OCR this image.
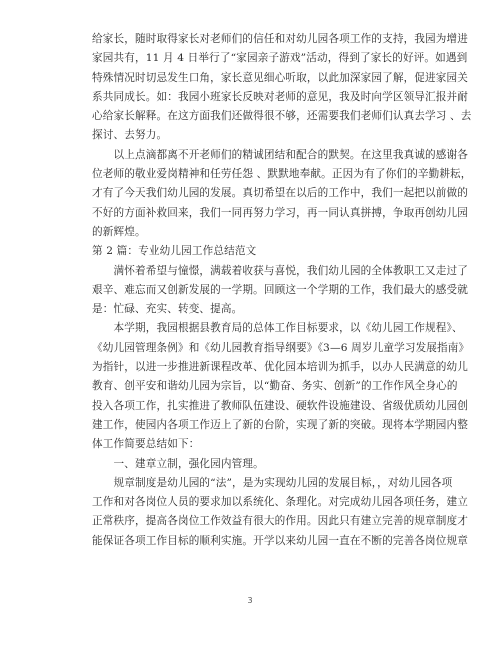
给家长，随时取得家长对老师们的信任和对幼儿园各项工作的支持，我园为增进
家园共有，11 月 4 日举行了“家园亲子游戏”活动，得到了家长的好评。如遇到
特殊情况时切忌发生口角，家长意见细心听取，以此加深家园了解，促进家园关
系共同成长。如：我园小班家长反映对老师的意见，我及时向学区领导汇报并耐
心给家长解释。在这方面我们还做得很不够，还需要我们老师们认真去学习 、去
探讨、去努力。
　　以上点滴都离不开老师们的精诚团结和配合的默契。在这里我真诚的感谢各
位老师的敬业爱岗精神和任劳任怨 、默默地奉献。正因为有了你们的辛勤耕耘，
才有了今天我们幼儿园的发展。真切希望在以后的工作中，我们一起把以前做的
不好的方面补救回来，我们一同再努力学习，再一同认真拼搏，争取再创幼儿园
的新辉煌。
第 2 篇：专业幼儿园工作总结范文
　　满怀着希望与憧憬，满载着收获与喜悦，我们幼儿园的全体教职工又走过了
艰辛、难忘而又创新发展的一学期。回顾这一个学期的工作，我们最大的感受就
是：忙碌、充实、转变、提高。
　　本学期，我园根据县教育局的总体工作目标要求，以《幼儿园工作规程》、
《幼儿园管理条例》和《幼儿园教育指导纲要》《3—6 周岁儿童学习发展指南》
为指针，以进一步推进新课程改革、优化园本培训为抓手，以办人民满意的幼儿
教育、创平安和谐幼儿园为宗旨，以“勤奋、务实、创新”的工作作风全身心的
投入各项工作，扎实推进了教师队伍建设、硬软件设施建设、省级优质幼儿园创
建工作，使园内各项工作迈上了新的台阶，实现了新的突破。现将本学期园内整
体工作简要总结如下：
　　一、建章立制，强化园内管理。
　　规章制度是幼儿园的“法”，是为实现幼儿园的发展目标，，对幼儿园各项
工作和对各岗位人员的要求加以系统化、条理化。对完成幼儿园各项任务，建立
正常秩序，提高各岗位工作效益有很大的作用。因此只有建立完善的规章制度才
能保证各项工作目标的顺利实施。开学以来幼儿园一直在不断的完善各岗位规章
3
